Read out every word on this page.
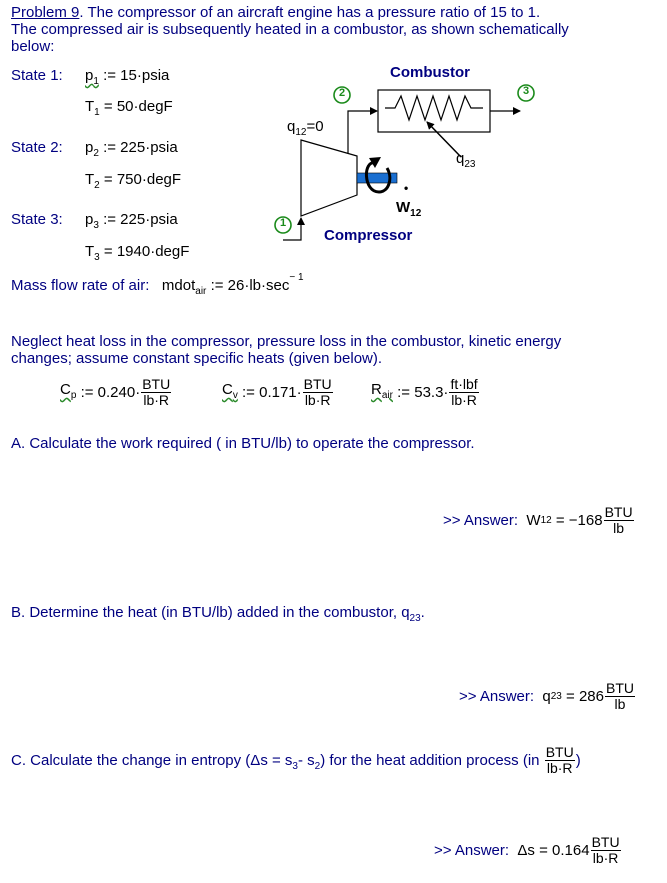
Problem 9. The compressor of an aircraft engine has a pressure ratio of 15 to 1.
The compressed air is subsequently heated in a combustor, as shown schematically
below:
State 1: $p_1$ := 15·psia
$T_1$ = 50·degF
State 2: $p_2$ := 225·psia
$T_2$ = 750·degF
State 3: $p_3$ := 225·psia
$T_3$ = 1940·degF
Mass flow rate of air: mdot$_{air}$ := $26\cdot lb\cdot\sec^{- 1}$
Combustor
Compressor
$q_{12}=0$
$q_{23}$
$W_{12}$
•
2	3
1
Neglect heat loss in the compressor, pressure loss in the combustor, kinetic energy
changes; assume constant specific heats (given below).
$C_p$
:= $0.240\cdot \frac{\text{BTU}}{lb\cdot R}$	$C_v$
:= $0.171\cdot \frac{\text{BTU}}{lb\cdot R}$	$R_{air}$
:= $53.3\cdot \frac{\text{ft·lbf}}{lb\cdot R}$
A. Calculate the work required ( in BTU/lb) to operate the compressor.
>> Answer:
W 12
= $-168 \frac{\text{BTU}}{lb}$
B. Determine the heat (in BTU/lb) added in the combustor, $q_{23}$.
>> Answer:
q 23
= $286 \frac{\text{BTU}}{lb}$
C. Calculate the change in entropy ($\Delta s = s_3 - s_2$ ) for the heat addition process (in
$\frac{\text{BTU}}{lb\cdot R}$ )
>> Answer:
Δs
= $0.164 \frac{\text{BTU}}{lb\cdot R}$
